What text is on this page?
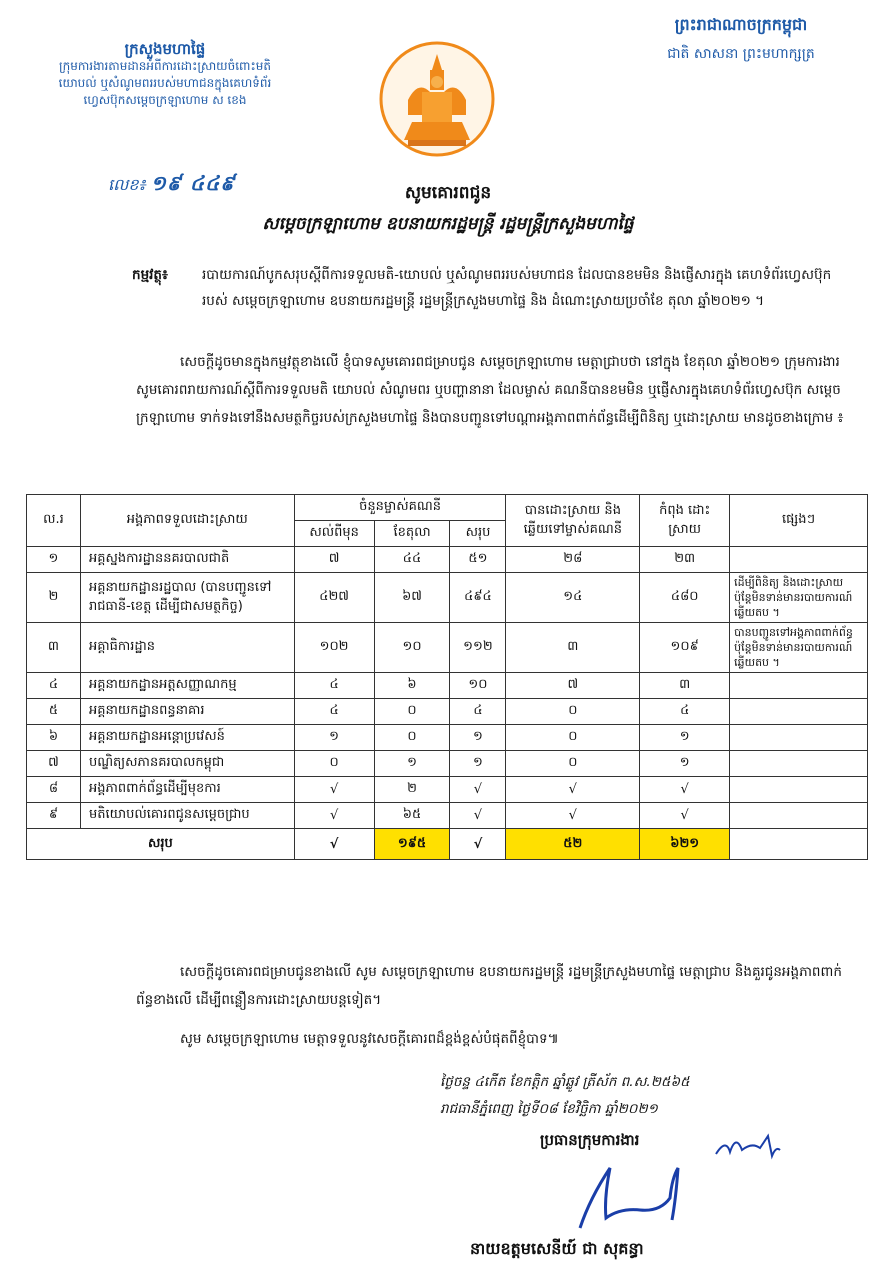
ក្រសួងមហាផ្ទៃ
ក្រុមការងារតាមដានអំពីការដោះស្រាយចំពោះមតិ
យោបល់ ឬសំណូមពររបស់មហាជនក្នុងគេហទំព័រ
ហ្វេសប៊ុកសម្តេចក្រឡាហោម ស ខេង
លេខ៖ ១៩ ៤៤៩
ព្រះរាជាណាចក្រកម្ពុជា
ជាតិ សាសនា ព្រះមហាក្សត្រ
សូមគោរពជូន
សម្តេចក្រឡាហោម ឧបនាយករដ្ឋមន្ត្រី រដ្ឋមន្ត្រីក្រសួងមហាផ្ទៃ
កម្មវត្ថុ៖	របាយការណ៍បូកសរុបស្តីពីការទទួលមតិ-យោបល់ ឬសំណូមពររបស់មហាជន ដែលបានខមមិន និងផ្ញើសារក្នុង គេហទំព័រហ្វេសប៊ុករបស់ សម្តេចក្រឡាហោម ឧបនាយករដ្ឋមន្ត្រី រដ្ឋមន្ត្រីក្រសួងមហាផ្ទៃ និង ដំណោះស្រាយប្រចាំខែ តុលា ឆ្នាំ២០២១ ។
សេចក្តីដូចមានក្នុងកម្មវត្ថុខាងលើ ខ្ញុំបាទសូមគោរពជម្រាបជូន សម្តេចក្រឡាហោម មេត្តាជ្រាបថា នៅក្នុង ខែតុលា ឆ្នាំ២០២១ ក្រុមការងារសូមគោរពរាយការណ៍ស្តីពីការទទួលមតិ យោបល់ សំណូមពរ ឬបញ្ហានានា ដែលម្ចាស់ គណនីបានខមមិន ឬផ្ញើសារក្នុងគេហទំព័រហ្វេសប៊ុក សម្តេចក្រឡាហោម ទាក់ទងទៅនឹងសមត្ថកិច្ចរបស់ក្រសួងមហាផ្ទៃ និងបានបញ្ជូនទៅបណ្តាអង្គភាពពាក់ព័ន្ធដើម្បីពិនិត្យ ឬដោះស្រាយ មានដូចខាងក្រោម ៖
ល.រ	អង្គភាពទទួលដោះស្រាយ	ចំនួនម្ចាស់គណនី			បានដោះស្រាយ និង ឆ្លើយទៅម្ចាស់គណនី	កំពុង ដោះស្រាយ	ផ្សេងៗ
		សល់ពីមុន	ខែតុលា	សរុប			
១	អគ្គស្នងការដ្ឋាននគរបាលជាតិ	៧	៤៤	៥១	២៨	២៣	
២	អគ្គនាយកដ្ឋានរដ្ឋបាល (បានបញ្ជូនទៅរាជធានី-ខេត្ត ដើម្បីជាសមត្ថកិច្ច)	៤២៧	៦៧	៤៩៤	១៤	៤៨០	ដើម្បីពិនិត្យ និងដោះស្រាយ ប៉ុន្តែមិនទាន់មានរបាយការណ៍ឆ្លើយតប ។
៣	អគ្គាធិការដ្ឋាន	១០២	១០	១១២	៣	១០៩	បានបញ្ជូនទៅអង្គភាពពាក់ព័ន្ធ ប៉ុន្តែមិនទាន់មានរបាយការណ៍ឆ្លើយតប ។
៤	អគ្គនាយកដ្ឋានអត្តសញ្ញាណកម្ម	៤	៦	១០	៧	៣	
៥	អគ្គនាយកដ្ឋានពន្ធនាគារ	៤	០	៤	០	៤	
៦	អគ្គនាយកដ្ឋានអន្តោប្រវេសន៍	១	០	១	០	១	
៧	បណ្ឌិត្យសភានគរបាលកម្ពុជា	០	១	១	០	១	
៨	អង្គភាពពាក់ព័ន្ធដើម្បីមុខការ	√	២	√	√	√	
៩	មតិយោបល់គោរពជូនសម្តេចជ្រាប	√	៦៥	√	√	√	
សរុប		√	១៩៥	√	៥២	៦២១	
សេចក្តីដូចគោរពជម្រាបជូនខាងលើ សូម សម្តេចក្រឡាហោម ឧបនាយករដ្ឋមន្ត្រី រដ្ឋមន្ត្រីក្រសួងមហាផ្ទៃ មេត្តាជ្រាប និងគួរជូនអង្គភាពពាក់ព័ន្ធខាងលើ ដើម្បីពន្លឿនការដោះស្រាយបន្តទៀត។
សូម សម្តេចក្រឡាហោម មេត្តាទទួលនូវសេចក្តីគោរពដ៏ខ្ពង់ខ្ពស់បំផុតពីខ្ញុំបាទ៕
ថ្ងៃចន្ទ ៤កើត ខែកត្តិក ឆ្នាំឆ្លូវ ត្រីស័ក ព.ស.២៥៦៥
រាជធានីភ្នំពេញ ថ្ងៃទី០៨ ខែវិច្ឆិកា ឆ្នាំ២០២១
ប្រធានក្រុមការងារ
នាយឧត្តមសេនីយ៍ ជា សុគន្ធា
